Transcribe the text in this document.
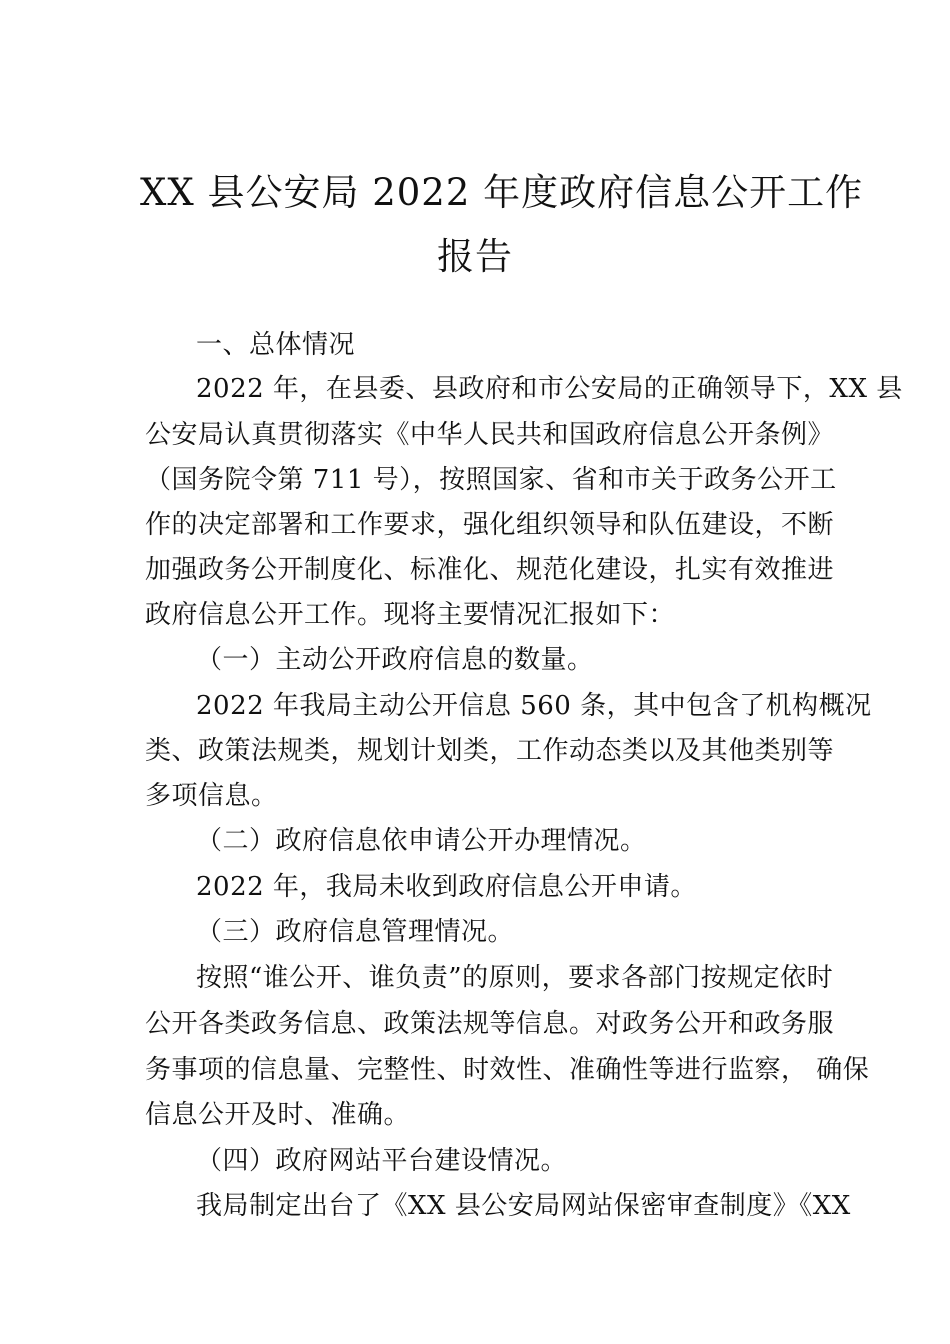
XX 县公安局 2022 年度政府信息公开工作
报告
一、总体情况
2022 年，在县委、县政府和市公安局的正确领导下，XX 县
公安局认真贯彻落实《中华人民共和国政府信息公开条例》
（国务院令第 711 号），按照国家、省和市关于政务公开工
作的决定部署和工作要求，强化组织领导和队伍建设，不断
加强政务公开制度化、标准化、规范化建设，扎实有效推进
政府信息公开工作。现将主要情况汇报如下：
（一）主动公开政府信息的数量。
2022 年我局主动公开信息 560 条，其中包含了机构概况
类、政策法规类，规划计划类，工作动态类以及其他类别等
多项信息。
（二）政府信息依申请公开办理情况。
2022 年，我局未收到政府信息公开申请。
（三）政府信息管理情况。
按照“谁公开、谁负责”的原则，要求各部门按规定依时
公开各类政务信息、政策法规等信息。对政务公开和政务服
务事项的信息量、完整性、时效性、准确性等进行监察， 确保
信息公开及时、准确。
（四）政府网站平台建设情况。
我局制定出台了《XX 县公安局网站保密审查制度》《XX
